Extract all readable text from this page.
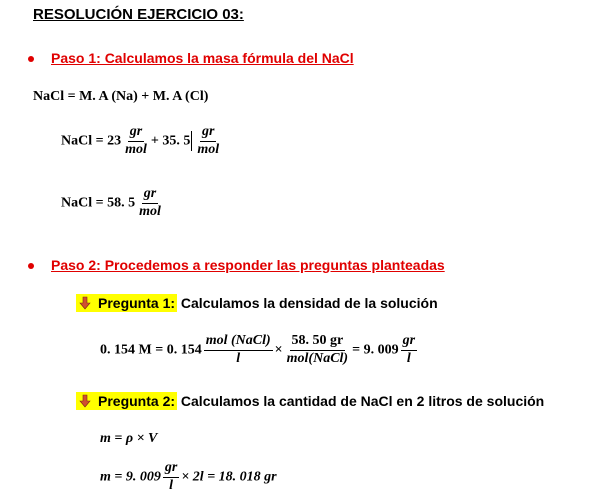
RESOLUCIÓN EJERCICIO 03:
Paso 1: Calculamos la masa fórmula del NaCl
NaCl = M. A (Na) + M. A (Cl)
NaCl = $23 \frac{gr}{\text{mol}} + 35$. $5 \frac{gr}{\text{mol}}$
NaCl = 58. $5 \frac{gr}{\text{mol}}$
Paso 2: Procedemos a responder las preguntas planteadas
Pregunta 1: Calculamos la densidad de la solución
0. 154 M = 0. $154 \frac{\text{mol (NaCl)}}{l} \times \frac{58. 50 gr}{\text{mol(NaCl)}} = 9$. $009 \frac{gr}{l}$
Pregunta 2: Calculamos la cantidad de NaCl en 2 litros de solución
m = ρ × V
m = 9. $009 \frac{gr}{l} \times 2l = 18$. 018 gr
